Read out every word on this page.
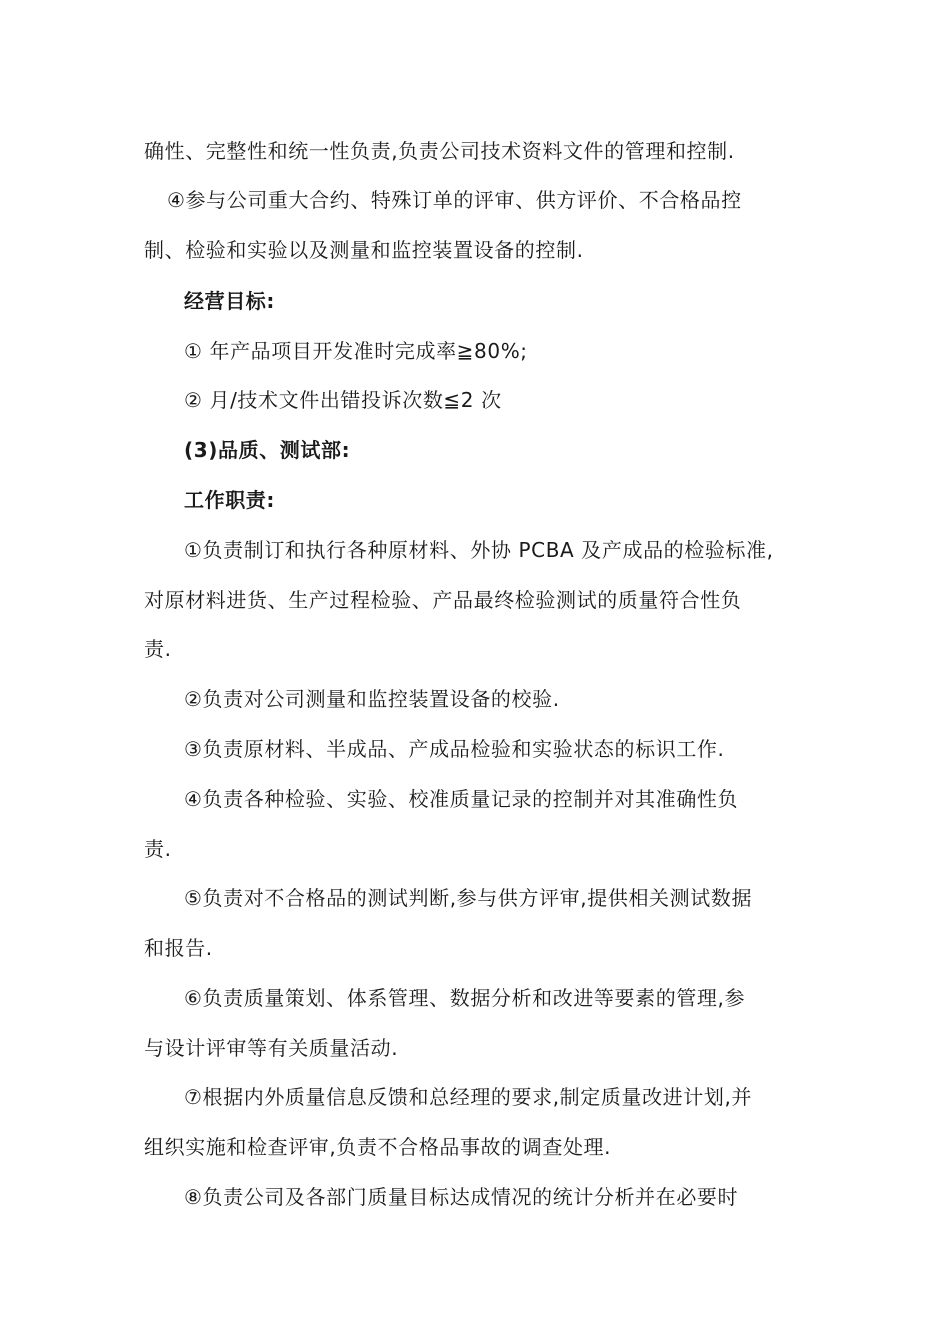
确性、完整性和统一性负责,负责公司技术资料文件的管理和控制.
④参与公司重大合约、特殊订单的评审、供方评价、不合格品控
制、检验和实验以及测量和监控装置设备的控制.
经营目标:
① 年产品项目开发准时完成率≧80%;
② 月/技术文件出错投诉次数≦2 次
(3)品质、测试部:
工作职责:
①负责制订和执行各种原材料、外协 PCBA 及产成品的检验标准,
对原材料进货、生产过程检验、产品最终检验测试的质量符合性负
责.
②负责对公司测量和监控装置设备的校验.
③负责原材料、半成品、产成品检验和实验状态的标识工作.
④负责各种检验、实验、校准质量记录的控制并对其准确性负
责.
⑤负责对不合格品的测试判断,参与供方评审,提供相关测试数据
和报告.
⑥负责质量策划、体系管理、数据分析和改进等要素的管理,参
与设计评审等有关质量活动.
⑦根据内外质量信息反馈和总经理的要求,制定质量改进计划,并
组织实施和检查评审,负责不合格品事故的调查处理.
⑧负责公司及各部门质量目标达成情况的统计分析并在必要时
